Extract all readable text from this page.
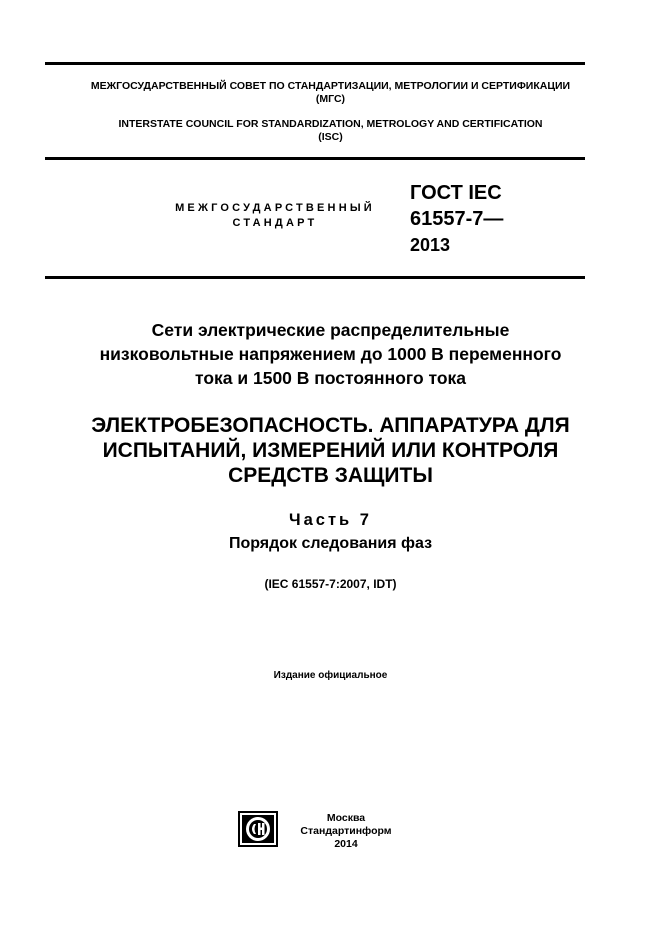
МЕЖГОСУДАРСТВЕННЫЙ СОВЕТ ПО СТАНДАРТИЗАЦИИ, МЕТРОЛОГИИ И СЕРТИФИКАЦИИ
(МГС)
INTERSTATE COUNCIL FOR STANDARDIZATION, METROLOGY AND CERTIFICATION
(ISC)
МЕЖГОСУДАРСТВЕННЫЙ
СТАНДАРТ
ГОСТ IEC
61557-7—
2013
Сети электрические распределительные
низковольтные напряжением до 1000 В переменного
тока и 1500 В постоянного тока
ЭЛЕКТРОБЕЗОПАСНОСТЬ. АППАРАТУРА ДЛЯ
ИСПЫТАНИЙ, ИЗМЕРЕНИЙ ИЛИ КОНТРОЛЯ
СРЕДСТВ ЗАЩИТЫ
Часть 7
Порядок следования фаз
(IEC 61557-7:2007, IDT)
Издание официальное
Москва
Стандартинформ
2014
